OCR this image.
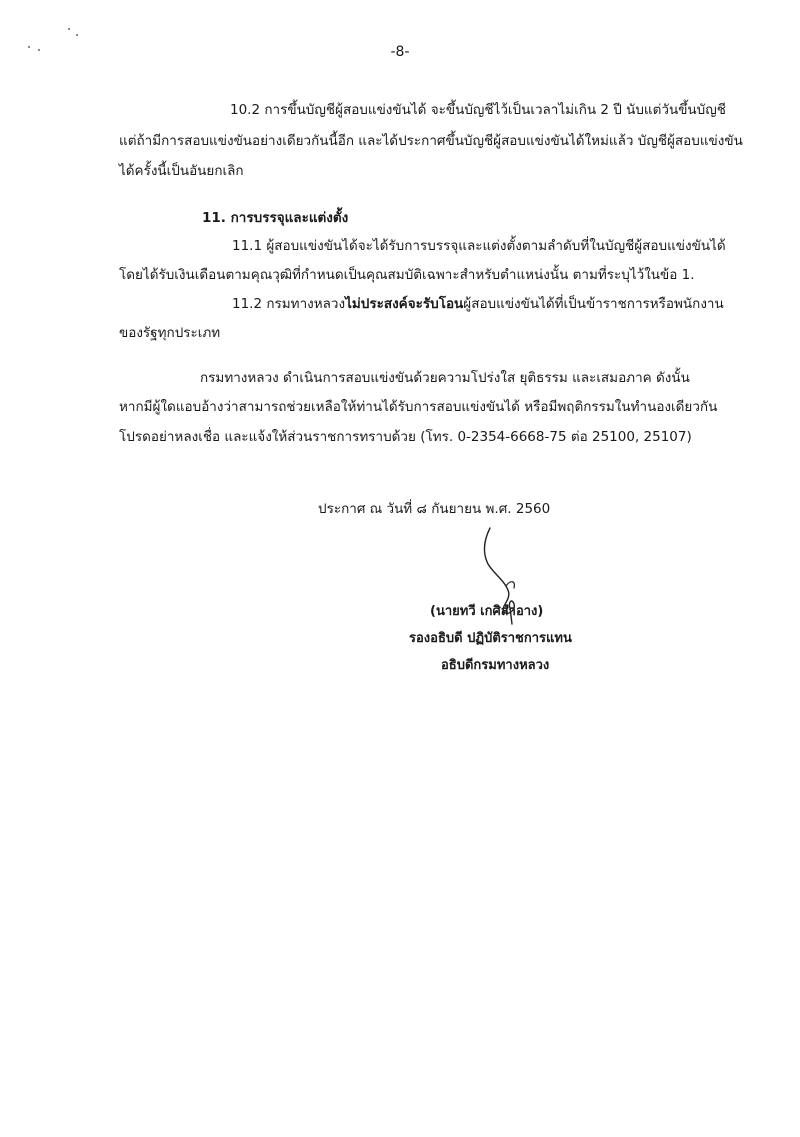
-8-
10.2 การขึ้นบัญชีผู้สอบแข่งขันได้ จะขึ้นบัญชีไว้เป็นเวลาไม่เกิน 2 ปี นับแต่วันขึ้นบัญชี
แต่ถ้ามีการสอบแข่งขันอย่างเดียวกันนี้อีก และได้ประกาศขึ้นบัญชีผู้สอบแข่งขันได้ใหม่แล้ว บัญชีผู้สอบแข่งขัน
ได้ครั้งนี้เป็นอันยกเลิก
11. การบรรจุและแต่งตั้ง
11.1 ผู้สอบแข่งขันได้จะได้รับการบรรจุและแต่งตั้งตามลำดับที่ในบัญชีผู้สอบแข่งขันได้
โดยได้รับเงินเดือนตามคุณวุฒิที่กำหนดเป็นคุณสมบัติเฉพาะสำหรับตำแหน่งนั้น ตามที่ระบุไว้ในข้อ 1.
11.2 กรมทางหลวงไม่ประสงค์จะรับโอนผู้สอบแข่งขันได้ที่เป็นข้าราชการหรือพนักงาน
ของรัฐทุกประเภท
กรมทางหลวง ดำเนินการสอบแข่งขันด้วยความโปร่งใส ยุติธรรม และเสมอภาค ดังนั้น
หากมีผู้ใดแอบอ้างว่าสามารถช่วยเหลือให้ท่านได้รับการสอบแข่งขันได้ หรือมีพฤติกรรมในทำนองเดียวกัน
โปรดอย่าหลงเชื่อ และแจ้งให้ส่วนราชการทราบด้วย (โทร. 0-2354-6668-75 ต่อ 25100, 25107)
ประกาศ ณ วันที่ ๘ กันยายน พ.ศ. 2560
(นายทวี เกศิสำอาง)
รองอธิบดี ปฏิบัติราชการแทน
อธิบดีกรมทางหลวง
